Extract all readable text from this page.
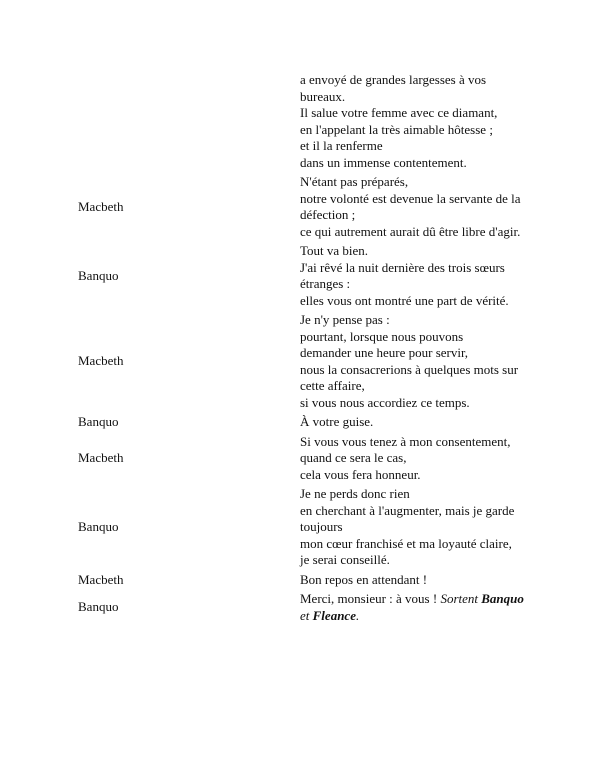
a envoyé de grandes largesses à vos bureaux.
Il salue votre femme avec ce diamant,
en l'appelant la très aimable hôtesse ;
et il la renferme
dans un immense contentement.
Macbeth
N'étant pas préparés,
notre volonté est devenue la servante de la défection ;
ce qui autrement aurait dû être libre d'agir.
Banquo
Tout va bien.
J'ai rêvé la nuit dernière des trois sœurs étranges :
elles vous ont montré une part de vérité.
Macbeth
Je n'y pense pas :
pourtant, lorsque nous pouvons
demander une heure pour servir,
nous la consacrerions à quelques mots sur cette affaire,
si vous nous accordiez ce temps.
Banquo	À votre guise.
Macbeth
Si vous vous tenez à mon consentement, quand ce sera le cas,
cela vous fera honneur.
Banquo
Je ne perds donc rien
en cherchant à l'augmenter, mais je garde toujours
mon cœur franchisé et ma loyauté claire,
je serai conseillé.
Macbeth	Bon repos en attendant !
Banquo
Merci, monsieur : à vous ! Sortent Banquo et Fleance.
